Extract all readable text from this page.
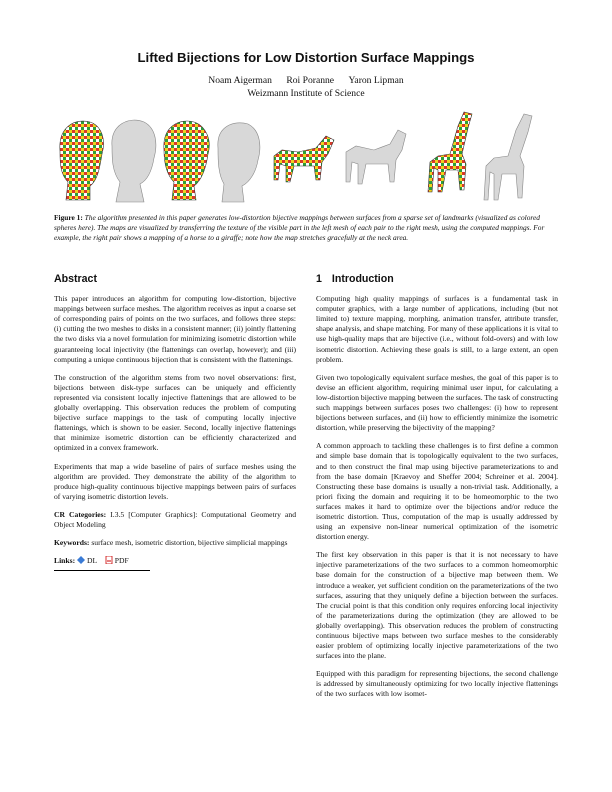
Lifted Bijections for Low Distortion Surface Mappings
Noam Aigerman Roi Poranne Yaron Lipman
Weizmann Institute of Science
Figure 1: The algorithm presented in this paper generates low-distortion bijective mappings between surfaces from a sparse set of landmarks (visualized as colored spheres here). The maps are visualized by transferring the texture of the visible part in the left mesh of each pair to the right mesh, using the computed mappings. For example, the right pair shows a mapping of a horse to a giraffe; note how the map stretches gracefully at the neck area.
Abstract

This paper introduces an algorithm for computing low-distortion, bijective mappings between surface meshes. The algorithm receives as input a coarse set of corresponding pairs of points on the two surfaces, and follows three steps: (i) cutting the two meshes to disks in a consistent manner; (ii) jointly flattening the two disks via a novel formulation for minimizing isometric distortion while guaranteeing local injectivity (the flattenings can overlap, however); and (iii) computing a unique continuous bijection that is consistent with the flattenings.

The construction of the algorithm stems from two novel observations: first, bijections between disk-type surfaces can be uniquely and efficiently represented via consistent locally injective flattenings that are allowed to be globally overlapping. This observation reduces the problem of computing bijective surface mappings to the task of computing locally injective flattenings, which is shown to be easier. Second, locally injective flattenings that minimize isometric distortion can be efficiently characterized and optimized in a convex framework.

Experiments that map a wide baseline of pairs of surface meshes using the algorithm are provided. They demonstrate the ability of the algorithm to produce high-quality continuous bijective mappings between pairs of surfaces of varying isometric distortion levels.

CR Categories: I.3.5 [Computer Graphics]: Computational Geometry and Object Modeling

Keywords: surface mesh, isometric distortion, bijective simplicial mappings

Links: DL PDF
1 Introduction

Computing high quality mappings of surfaces is a fundamental task in computer graphics, with a large number of applications, including (but not limited to) texture mapping, morphing, animation transfer, attribute transfer, shape analysis, and shape matching. For many of these applications it is vital to use high-quality maps that are bijective (i.e., without fold-overs) and with low isometric distortion. Achieving these goals is still, to a large extent, an open problem.

Given two topologically equivalent surface meshes, the goal of this paper is to devise an efficient algorithm, requiring minimal user input, for calculating a low-distortion bijective mapping between the surfaces. The task of constructing such mappings between surfaces poses two challenges: (i) how to represent bijections between surfaces, and (ii) how to efficiently minimize the isometric distortion, while preserving the bijectivity of the mapping?

A common approach to tackling these challenges is to first define a common and simple base domain that is topologically equivalent to the two surfaces, and to then construct the final map using bijective parameterizations to and from the base domain [Kraevoy and Sheffer 2004; Schreiner et al. 2004]. Constructing these base domains is usually a non-trivial task. Additionally, a priori fixing the domain and requiring it to be homeomorphic to the two surfaces makes it hard to optimize over the bijections and/or reduce the isometric distortion. Thus, computation of the map is usually addressed by using an expensive non-linear numerical optimization of the isometric distortion energy.

The first key observation in this paper is that it is not necessary to have injective parameterizations of the two surfaces to a common homeomorphic base domain for the construction of a bijective map between them. We introduce a weaker, yet sufficient condition on the parameterizations of the two surfaces, assuring that they uniquely define a bijection between the surfaces. The crucial point is that this condition only requires enforcing local injectivity of the parameterizations during the optimization (they are allowed to be globally overlapping). This observation reduces the problem of constructing continuous bijective maps between two surface meshes to the considerably easier problem of optimizing locally injective parameterizations of the two surfaces into the plane.

Equipped with this paradigm for representing bijections, the second challenge is addressed by simultaneously optimizing for two locally injective flattenings of the two surfaces with low isomet-
